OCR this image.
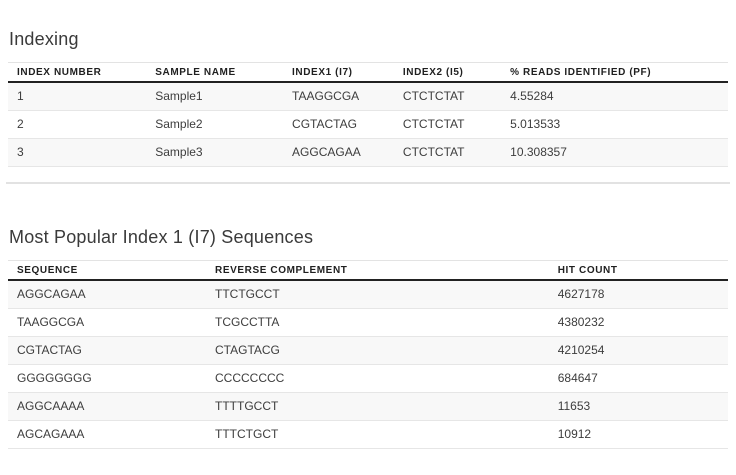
Indexing
INDEX NUMBER	SAMPLE NAME	INDEX1 (I7)	INDEX2 (I5)	% READS IDENTIFIED (PF)
1	Sample1	TAAGGCGA	CTCTCTAT	4.55284
2	Sample2	CGTACTAG	CTCTCTAT	5.013533
3	Sample3	AGGCAGAA	CTCTCTAT	10.308357
Most Popular Index 1 (I7) Sequences
SEQUENCE	REVERSE COMPLEMENT	HIT COUNT
AGGCAGAA	TTCTGCCT	4627178
TAAGGCGA	TCGCCTTA	4380232
CGTACTAG	CTAGTACG	4210254
GGGGGGGG	CCCCCCCC	684647
AGGCAAAA	TTTTGCCT	11653
AGCAGAAA	TTTCTGCT	10912
